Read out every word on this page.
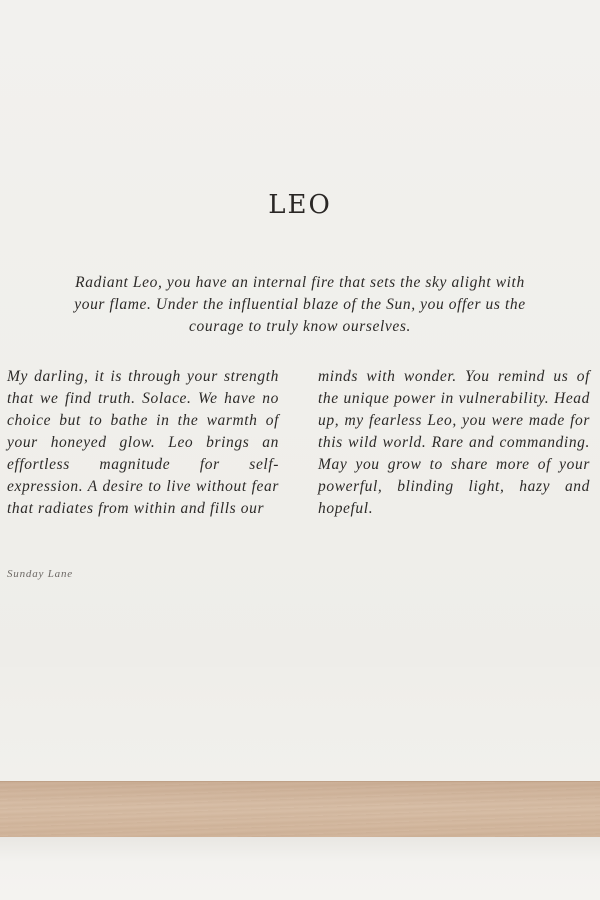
LEO
Radiant Leo, you have an internal fire that sets the sky alight with your flame. Under the influential blaze of the Sun, you offer us the courage to truly know ourselves.
My darling, it is through your strength that we find truth. Solace. We have no choice but to bathe in the warmth of your honeyed glow. Leo brings an effortless magnitude for self-expression. A desire to live without fear that radiates from within and fills our
minds with wonder. You remind us of the unique power in vulnerability. Head up, my fearless Leo, you were made for this wild world. Rare and commanding. May you grow to share more of your powerful, blinding light, hazy and hopeful.
Sunday Lane
